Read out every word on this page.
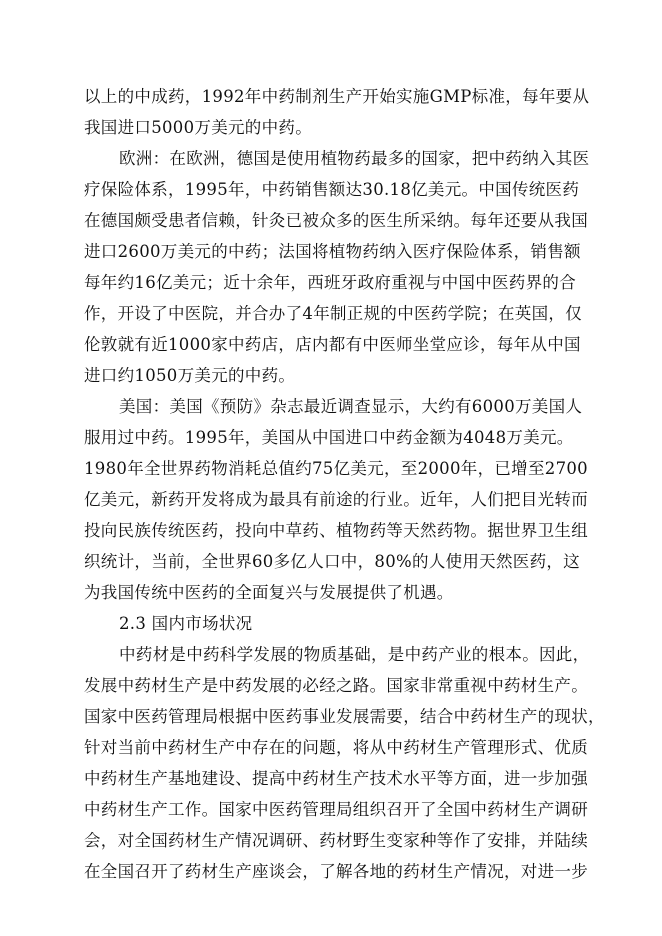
以上的中成药，1992年中药制剂生产开始实施GMP标准，每年要从
我国进口5000万美元的中药。
欧洲：在欧洲，德国是使用植物药最多的国家，把中药纳入其医
疗保险体系，1995年，中药销售额达30.18亿美元。中国传统医药
在德国颇受患者信赖，针灸已被众多的医生所采纳。每年还要从我国
进口2600万美元的中药；法国将植物药纳入医疗保险体系，销售额
每年约16亿美元；近十余年，西班牙政府重视与中国中医药界的合
作，开设了中医院，并合办了4年制正规的中医药学院；在英国，仅
伦敦就有近1000家中药店，店内都有中医师坐堂应诊，每年从中国
进口约1050万美元的中药。
美国：美国《预防》杂志最近调查显示，大约有6000万美国人
服用过中药。1995年，美国从中国进口中药金额为4048万美元。
1980年全世界药物消耗总值约75亿美元，至2000年，已增至2700
亿美元，新药开发将成为最具有前途的行业。近年，人们把目光转而
投向民族传统医药，投向中草药、植物药等天然药物。据世界卫生组
织统计，当前，全世界60多亿人口中，80%的人使用天然医药，这
为我国传统中医药的全面复兴与发展提供了机遇。
2.3 国内市场状况
中药材是中药科学发展的物质基础，是中药产业的根本。因此，
发展中药材生产是中药发展的必经之路。国家非常重视中药材生产。
国家中医药管理局根据中医药事业发展需要，结合中药材生产的现状，
针对当前中药材生产中存在的问题，将从中药材生产管理形式、优质
中药材生产基地建设、提高中药材生产技术水平等方面，进一步加强
中药材生产工作。国家中医药管理局组织召开了全国中药材生产调研
会，对全国药材生产情况调研、药材野生变家种等作了安排，并陆续
在全国召开了药材生产座谈会，了解各地的药材生产情况，对进一步
